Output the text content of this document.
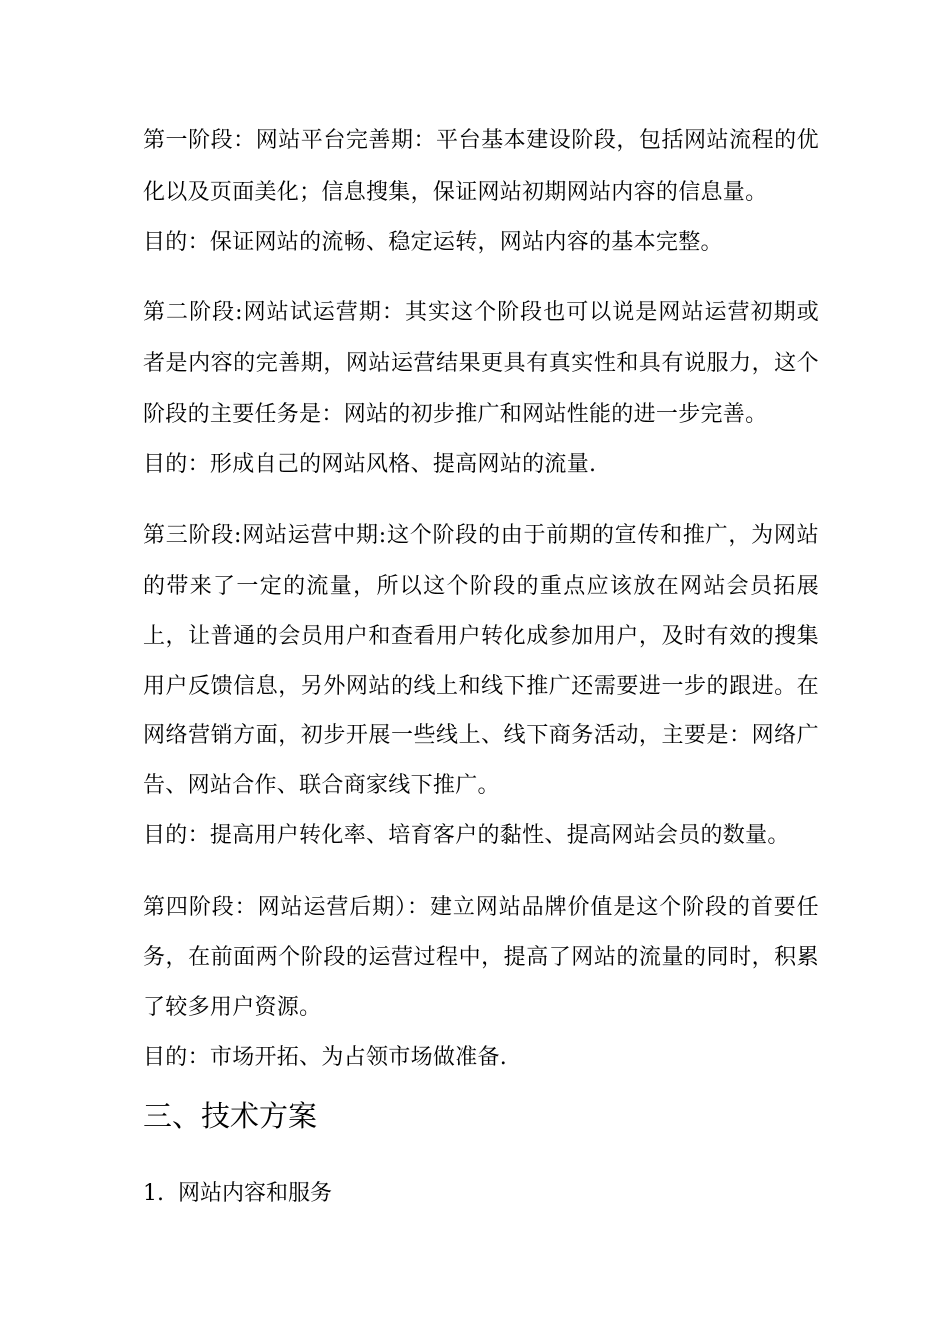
第一阶段：网站平台完善期：平台基本建设阶段，包括网站流程的优
化以及页面美化；信息搜集，保证网站初期网站内容的信息量。
目的：保证网站的流畅、稳定运转，网站内容的基本完整。
第二阶段:网站试运营期：其实这个阶段也可以说是网站运营初期或
者是内容的完善期，网站运营结果更具有真实性和具有说服力，这个
阶段的主要任务是：网站的初步推广和网站性能的进一步完善。
目的：形成自己的网站风格、提高网站的流量.
第三阶段:网站运营中期:这个阶段的由于前期的宣传和推广，为网站
的带来了一定的流量，所以这个阶段的重点应该放在网站会员拓展
上，让普通的会员用户和查看用户转化成参加用户，及时有效的搜集
用户反馈信息，另外网站的线上和线下推广还需要进一步的跟进。在
网络营销方面，初步开展一些线上、线下商务活动，主要是：网络广
告、网站合作、联合商家线下推广。
目的：提高用户转化率、培育客户的黏性、提高网站会员的数量。
第四阶段：网站运营后期）：建立网站品牌价值是这个阶段的首要任
务，在前面两个阶段的运营过程中，提高了网站的流量的同时，积累
了较多用户资源。
目的：市场开拓、为占领市场做准备.
三、技术方案
1.  网站内容和服务
